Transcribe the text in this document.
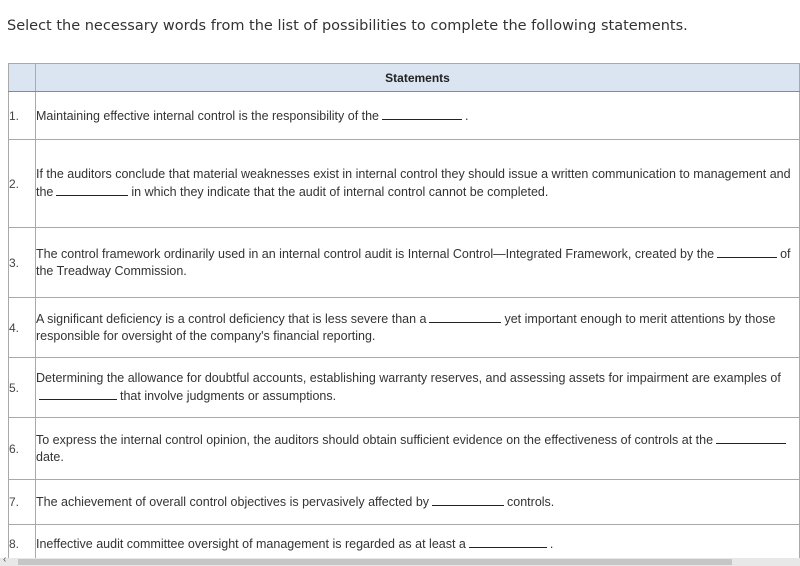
Select the necessary words from the list of possibilities to complete the following statements.
	Statements
1.	Maintaining effective internal control is the responsibility of the .
2.	If the auditors conclude that material weaknesses exist in internal control they should issue a written communication to management and the in which they indicate that the audit of internal control cannot be completed.
3.	The control framework ordinarily used in an internal control audit is Internal Control—Integrated Framework, created by the of the Treadway Commission.
4.	A significant deficiency is a control deficiency that is less severe than a yet important enough to merit attentions by those responsible for oversight of the company's financial reporting.
5.	Determining the allowance for doubtful accounts, establishing warranty reserves, and assessing assets for impairment are examples ofthat involve judgments or assumptions.
6.	To express the internal control opinion, the auditors should obtain sufficient evidence on the effectiveness of controls at thedate.
7.	The achievement of overall control objectives is pervasively affected by controls.
8.	Ineffective audit committee oversight of management is regarded as at least a .
‹
